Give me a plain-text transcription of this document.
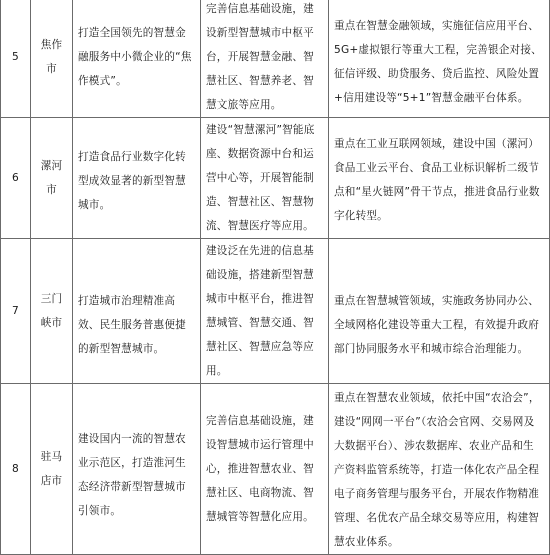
5	焦作市	打造全国领先的智慧金融服务中小微企业的“焦作模式”。	完善信息基础设施，建设新型智慧城市中枢平台，开展智慧金融、智慧社区、智慧养老、智慧文旅等应用。	重点在智慧金融领域，实施征信应用平台、5G+虚拟银行等重大工程，完善银企对接、征信评级、助贷服务、贷后监控、风险处置+信用建设等“5+1”智慧金融平台体系。
6	漯河市	打造食品行业数字化转型成效显著的新型智慧城市。	建设“智慧漯河”智能底座、数据资源中台和运营中心等，开展智能制造、智慧社区、智慧物流、智慧医疗等应用。	重点在工业互联网领域，建设中国（漯河）食品工业云平台、食品工业标识解析二级节点和“星火链网”骨干节点，推进食品行业数字化转型。
7	三门峡市	打造城市治理精准高效、民生服务普惠便捷的新型智慧城市。	建设泛在先进的信息基础设施，搭建新型智慧城市中枢平台，推进智慧城管、智慧交通、智慧社区、智慧应急等应用。	重点在智慧城管领域，实施政务协同办公、全域网格化建设等重大工程，有效提升政府部门协同服务水平和城市综合治理能力。
8	驻马店市	建设国内一流的智慧农业示范区，打造淮河生态经济带新型智慧城市引领市。	完善信息基础设施，建设智慧城市运行管理中心，推进智慧农业、智慧社区、电商物流、智慧城管等智慧化应用。	重点在智慧农业领域，依托中国“农洽会”，建设“网网一平台”（农洽会官网、交易网及大数据平台）、涉农数据库、农业产品和生产资料监管系统等，打造一体化农产品全程电子商务管理与服务平台，开展农作物精准管理、名优农产品全球交易等应用，构建智慧农业体系。
